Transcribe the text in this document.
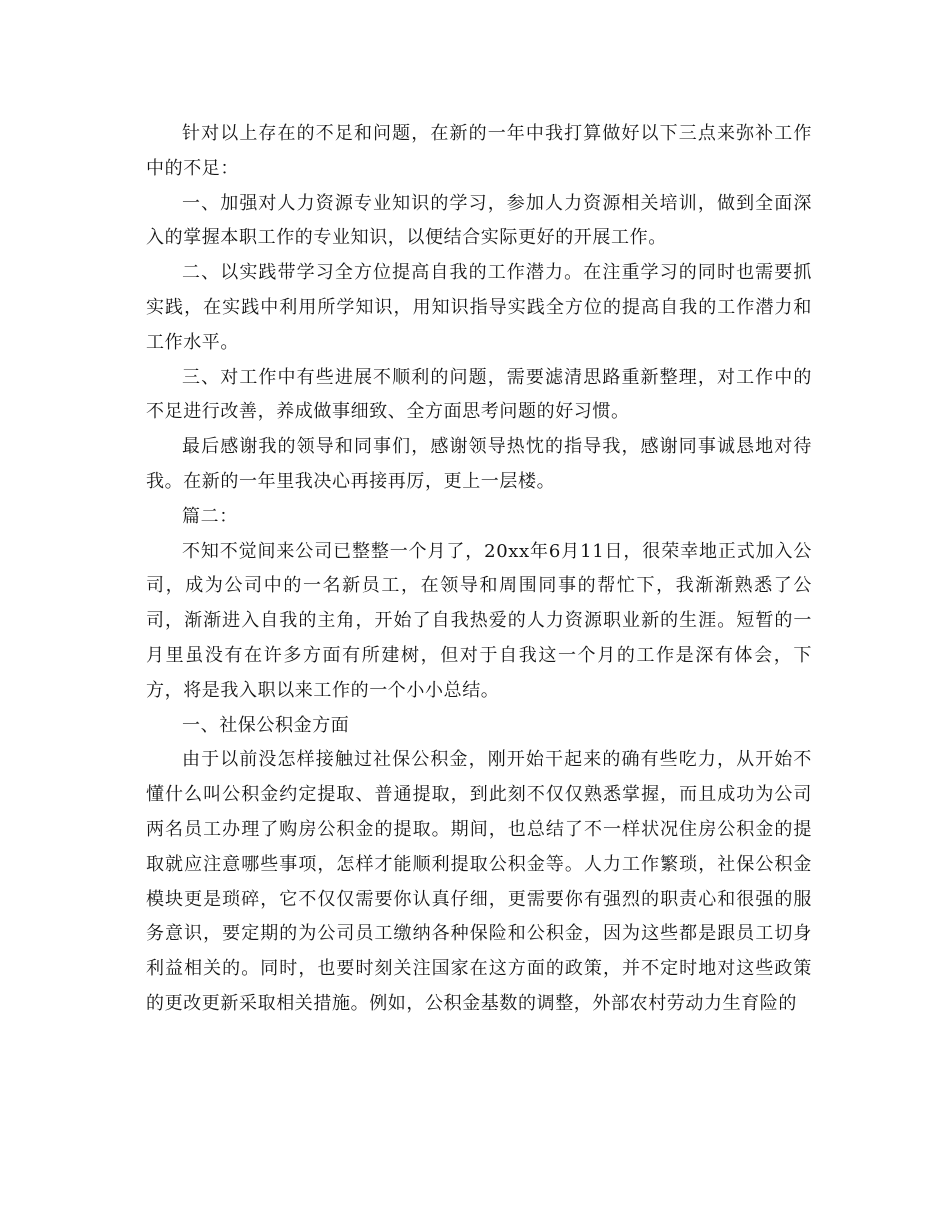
针对以上存在的不足和问题，在新的一年中我打算做好以下三点来弥补工作中的不足：

一、加强对人力资源专业知识的学习，参加人力资源相关培训，做到全面深入的掌握本职工作的专业知识，以便结合实际更好的开展工作。

二、以实践带学习全方位提高自我的工作潜力。在注重学习的同时也需要抓实践，在实践中利用所学知识，用知识指导实践全方位的提高自我的工作潜力和工作水平。

三、对工作中有些进展不顺利的问题，需要滤清思路重新整理，对工作中的不足进行改善，养成做事细致、全方面思考问题的好习惯。

最后感谢我的领导和同事们，感谢领导热忱的指导我，感谢同事诚恳地对待我。在新的一年里我决心再接再厉，更上一层楼。

篇二：

不知不觉间来公司已整整一个月了，20xx年6月11日，很荣幸地正式加入公司，成为公司中的一名新员工，在领导和周围同事的帮忙下，我渐渐熟悉了公司，渐渐进入自我的主角，开始了自我热爱的人力资源职业新的生涯。短暂的一月里虽没有在许多方面有所建树，但对于自我这一个月的工作是深有体会，下方，将是我入职以来工作的一个小小总结。

一、社保公积金方面

由于以前没怎样接触过社保公积金，刚开始干起来的确有些吃力，从开始不懂什么叫公积金约定提取、普通提取，到此刻不仅仅熟悉掌握，而且成功为公司两名员工办理了购房公积金的提取。期间，也总结了不一样状况住房公积金的提取就应注意哪些事项，怎样才能顺利提取公积金等。人力工作繁琐，社保公积金模块更是琐碎，它不仅仅需要你认真仔细，更需要你有强烈的职责心和很强的服务意识，要定期的为公司员工缴纳各种保险和公积金，因为这些都是跟员工切身利益相关的。同时，也要时刻关注国家在这方面的政策，并不定时地对这些政策的更改更新采取相关措施。例如，公积金基数的调整，外部农村劳动力生育险的
